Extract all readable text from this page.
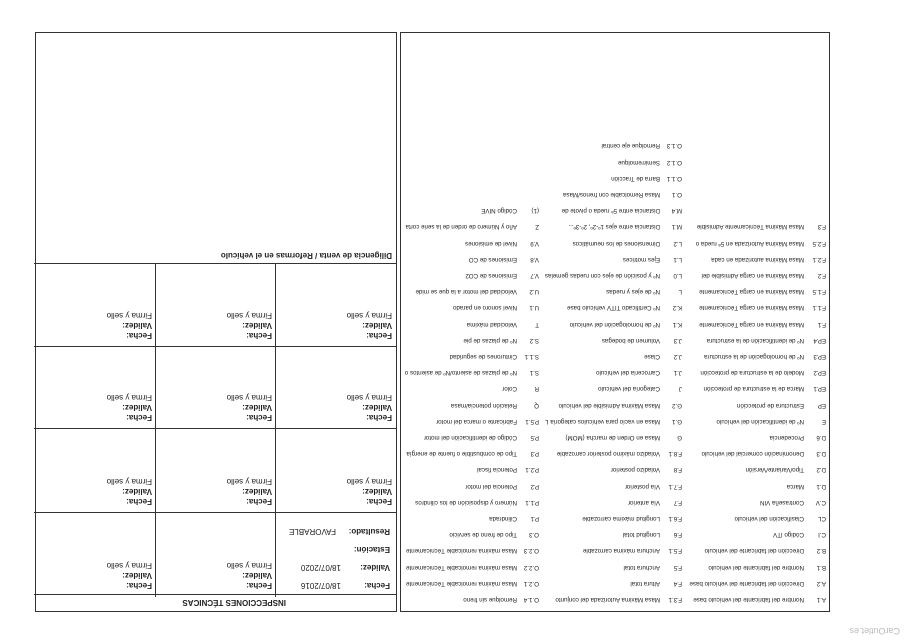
A.1Nombre del fabricante del vehículo base
A.2Dirección del fabricante del vehículo base
B.1Nombre del fabricante del vehículo
B.2Dirección del fabricante del vehículo
C.ICódigo ITV
CLClasificación del vehículo
C.VContraseña VIN
D.1Marca
D.2Tipo/Variante/Versión
D.3Denominación comercial del vehículo
D.6Procedencia
ENº de identificación del vehículo
EPEstructura de protección
EP.1Marca de la estructura de protección
EP.2Modelo de la estructura de protección
EP.3Nº de homologación de la estructura
EP.4Nº de identificación de la estructura
F.1Masa Máxima en carga Técnicamente
F.1.1Masa Máxima en carga Técnicamente
F.1.5Masa Máxima en carga Técnicamente
F.2Masa Máxima en carga Admisible del
F.2.1Masa Máxima autorizada en cada
F.2.5Masa Máxima Autorizada en 5ª rueda o
F.3Masa Máxima Técnicamente Admisible
F.3.1Masa Máxima Autorizada del conjunto
F.4Altura total
F.5Anchura total
F.5.1Anchura máxima carrozable
F.6Longitud total
F.6.1Longitud máxima carrozable
F.7Vía anterior
F.7.1Vía posterior
F.8Voladizo posterior
F.8.1Voladizo máximo posterior carrozable
GMasa en Orden de marcha (MOM)
G.1Masa en vacío para vehículos categoría L
G.2Masa Máxima Admisible del vehículo
JCategoría del vehículo
J.1Carrocería del vehículo
J.2Clase
J.3Volumen de bodegas
K.1Nº de homologación del vehículo
K.2Nº Certificado TITV vehículo base
LNº de ejes y ruedas
L.0Nº y posición de ejes con ruedas gemelas
L.1Ejes motrices
L.2Dimensiones de los neumáticos
M.1Distancia entre ejes 1º-2º, 2º-3º...
M.4Distancia entre 5ª rueda o pivote de
O.1Masa Remolcable con frenos/Masa
O.1.1Barra de Tracción
O.1.2Semirremolque
O.1.3Remolque eje central
O.1.4Remolque sin freno
O.2.1Masa máxima remolcable Técnicamente
O.2.2Masa máxima remolcable Técnicamente
O.2.3Masa máxima remolcable Técnicamente
O.3Tipo de freno de servicio
P.1Cilindrada
P.1.1Número y disposición de los cilindros
P.2Potencia del motor
P.2.1Potencia fiscal
P.3Tipo de combustible o fuente de energía
P.5Código de identificación del motor
P.5.1Fabricante o marca del motor
QRelación potencia/masa
RColor
S.1Nº de plazas de asiento/Nº de asientos o
S.1.1Cinturones de seguridad
S.2Nº de plazas de pie
TVelocidad máxima
U.1Nivel sonoro en parado
U.2Velocidad del motor a la que se mide
V.7Emisiones de CO2
V.8Emisiones de CO
V.9Nivel de emisiones
ZAño y Número de orden de la serie corta
(1)Código NIVE
INSPECCIONES TÉCNICAS
Fecha:
18/07/2016
Validez:
18/07/2020
Estación:
Resultado:
FAVORABLE
Fecha:
Validez:
Firma y sello
Fecha:
Validez:
Firma y sello
Fecha:
Validez:
Firma y sello
Fecha:
Validez:
Firma y sello
Fecha:
Validez:
Firma y sello
Fecha:
Validez:
Firma y sello
Fecha:
Validez:
Firma y sello
Fecha:
Validez:
Firma y sello
Fecha:
Validez:
Firma y sello
Fecha:
Validez:
Firma y sello
Fecha:
Validez:
Firma y sello
Diligencia de venta / Reformas en el vehículo
CarOutlet.es
